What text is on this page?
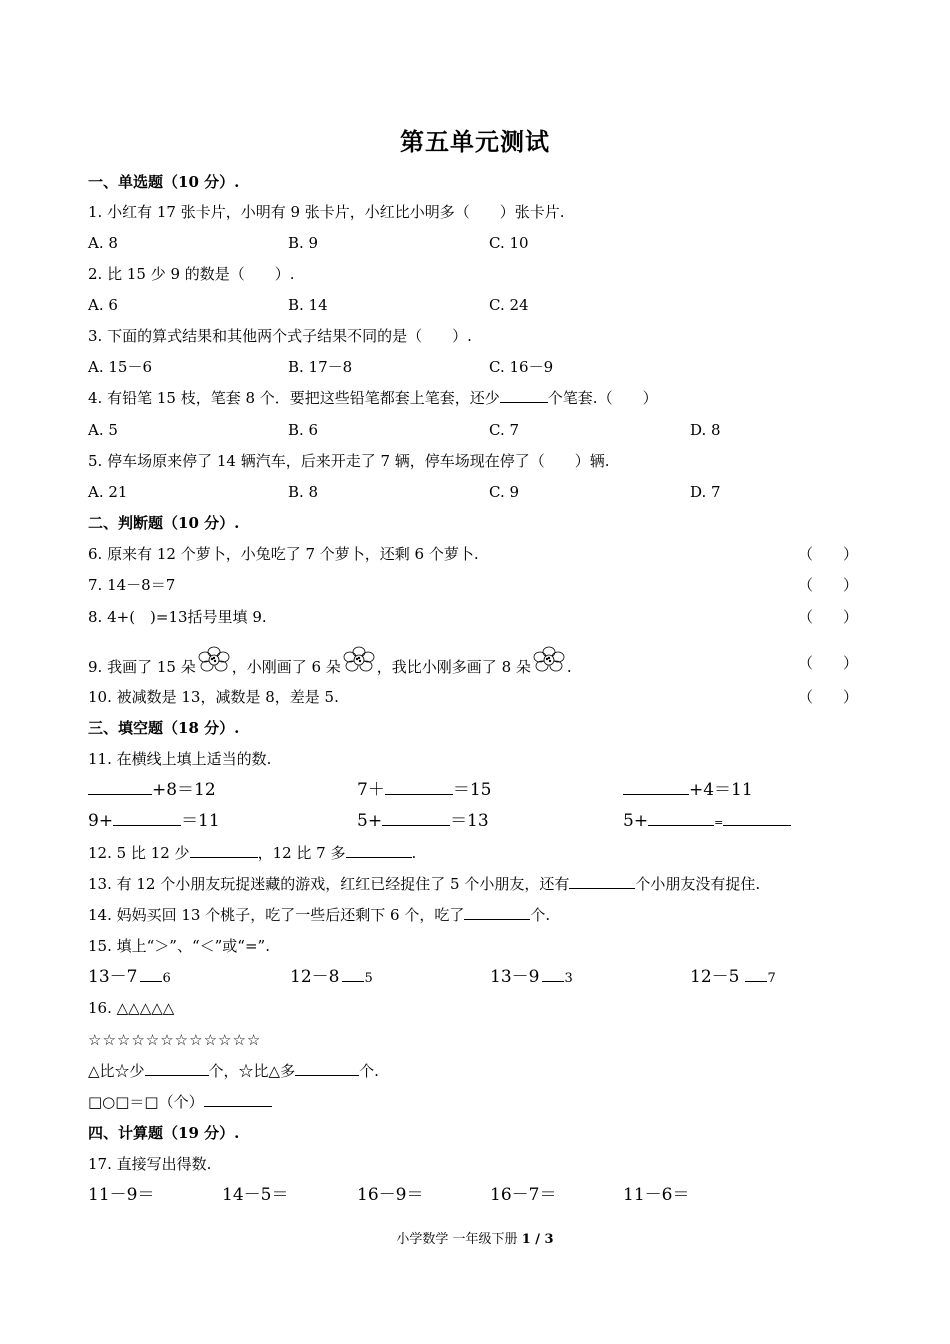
第五单元测试
一、单选题（10 分）.
1. 小红有 17 张卡片，小明有 9 张卡片，小红比小明多（　　）张卡片.
A. 8	B. 9	C. 10
2. 比 15 少 9 的数是（　　）.
A. 6	B. 14	C. 24
3. 下面的算式结果和其他两个式子结果不同的是（　　）.
A. 15－6	B. 17－8	C. 16－9
4. 有铅笔 15 枝，笔套 8 个．要把这些铅笔都套上笔套，还少	个笔套.（　　）
A. 5	B. 6	C. 7	D. 8
5. 停车场原来停了 14 辆汽车，后来开走了 7 辆，停车场现在停了（　　）辆.
A. 21	B. 8	C. 9	D. 7
二、判断题（10 分）.
6. 原来有 12 个萝卜，小兔吃了 7 个萝卜，还剩 6 个萝卜.	（　　）
7. 14－8＝7	（　　）
8. 4+(　)=13括号里填 9.	（　　）
9. 我画了 15 朵 ，小刚画了 6 朵 ，我比小刚多画了 8 朵 .	（　　）
10. 被减数是 13，减数是 8，差是 5.	（　　）
三、填空题（18 分）.
11. 在横线上填上适当的数.
+8＝12	7＋	＝15	+4＝11
9+	＝11	5+	＝13	5+	=
12. 5 比 12 少	，12 比 7 多	.
13. 有 12 个小朋友玩捉迷藏的游戏，红红已经捉住了 5 个小朋友，还有	个小朋友没有捉住.
14. 妈妈买回 13 个桃子，吃了一些后还剩下 6 个，吃了	个.
15. 填上“＞”、“＜”或“=”.
13－7 6	12－8 5	13－9 3	12－5 7
16. △△△△△
☆☆☆☆☆☆☆☆☆☆☆☆
△比☆少	个，☆比△多	个.
□○□＝□（个）
四、计算题（19 分）.
17. 直接写出得数.
11－9＝	14－5＝	16－9＝	16－7＝	11－6＝
小学数学 一年级下册 1 / 3
